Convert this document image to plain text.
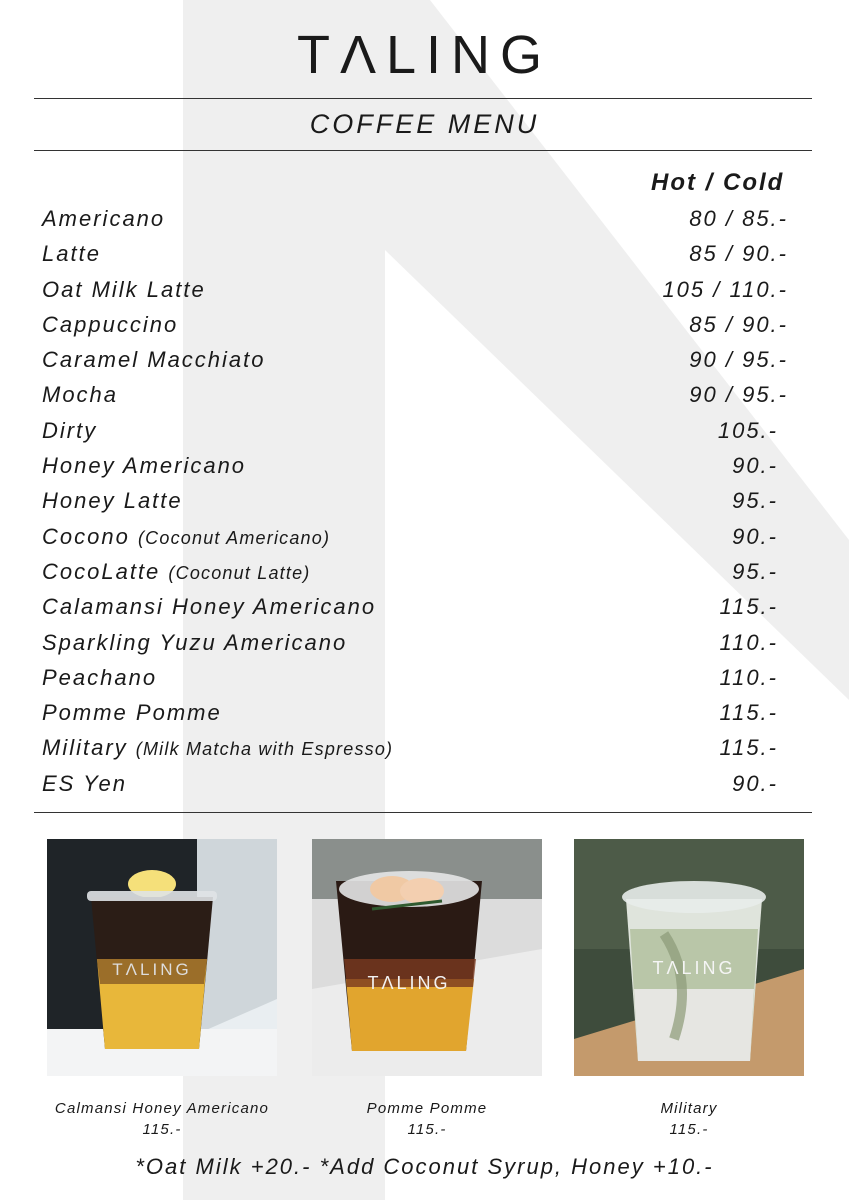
TΛLING
COFFEE MENU
Hot / Cold
Americano	80 / 85.-
Latte	85 / 90.-
Oat Milk Latte	105 / 110.-
Cappuccino	85 / 90.-
Caramel Macchiato	90 / 95.-
Mocha	90 / 95.-
Dirty	105.-
Honey Americano	90.-
Honey Latte	95.-
Cocono (Coconut Americano)	90.-
CocoLatte (Coconut Latte)	95.-
Calamansi Honey Americano	115.-
Sparkling Yuzu Americano	110.-
Peachano	110.-
Pomme Pomme	115.-
Military (Milk Matcha with Espresso)	115.-
ES Yen	90.-
TΛLING
TΛLING
TΛLING
Calmansi Honey Americano
115.-
Pomme Pomme
115.-
Military
115.-
*Oat Milk +20.- *Add Coconut Syrup, Honey +10.-
